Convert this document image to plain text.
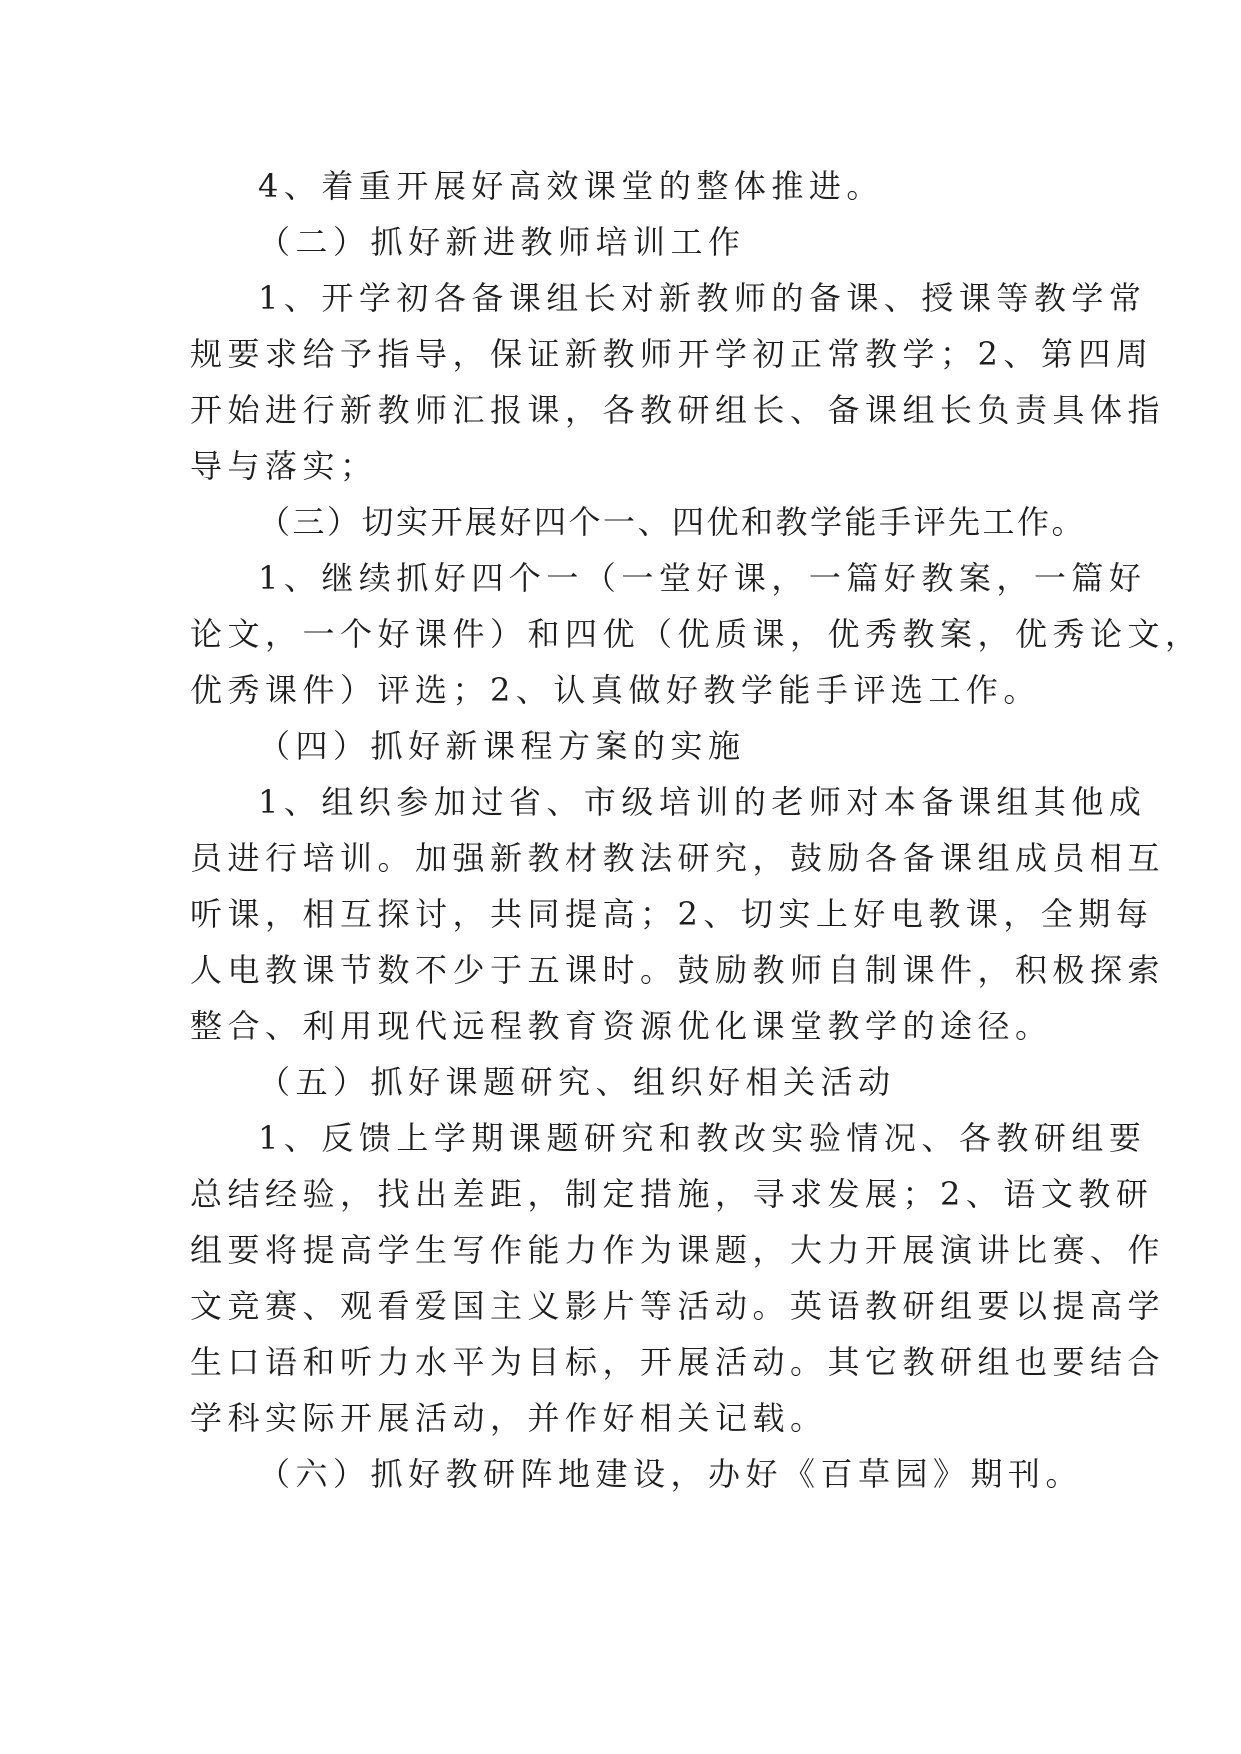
4、着重开展好高效课堂的整体推进。
（二）抓好新进教师培训工作
1、开学初各备课组长对新教师的备课、授课等教学常
规要求给予指导，保证新教师开学初正常教学；2、第四周
开始进行新教师汇报课，各教研组长、备课组长负责具体指
导与落实；
（三）切实开展好四个一、四优和教学能手评先工作。
1、继续抓好四个一（一堂好课，一篇好教案，一篇好
论文，一个好课件）和四优（优质课，优秀教案，优秀论文，
优秀课件）评选；2、认真做好教学能手评选工作。
（四）抓好新课程方案的实施
1、组织参加过省、市级培训的老师对本备课组其他成
员进行培训。加强新教材教法研究，鼓励各备课组成员相互
听课，相互探讨，共同提高；2、切实上好电教课，全期每
人电教课节数不少于五课时。鼓励教师自制课件，积极探索
整合、利用现代远程教育资源优化课堂教学的途径。
（五）抓好课题研究、组织好相关活动
1、反馈上学期课题研究和教改实验情况、各教研组要
总结经验，找出差距，制定措施，寻求发展；2、语文教研
组要将提高学生写作能力作为课题，大力开展演讲比赛、作
文竞赛、观看爱国主义影片等活动。英语教研组要以提高学
生口语和听力水平为目标，开展活动。其它教研组也要结合
学科实际开展活动，并作好相关记载。
（六）抓好教研阵地建设，办好《百草园》期刊。
